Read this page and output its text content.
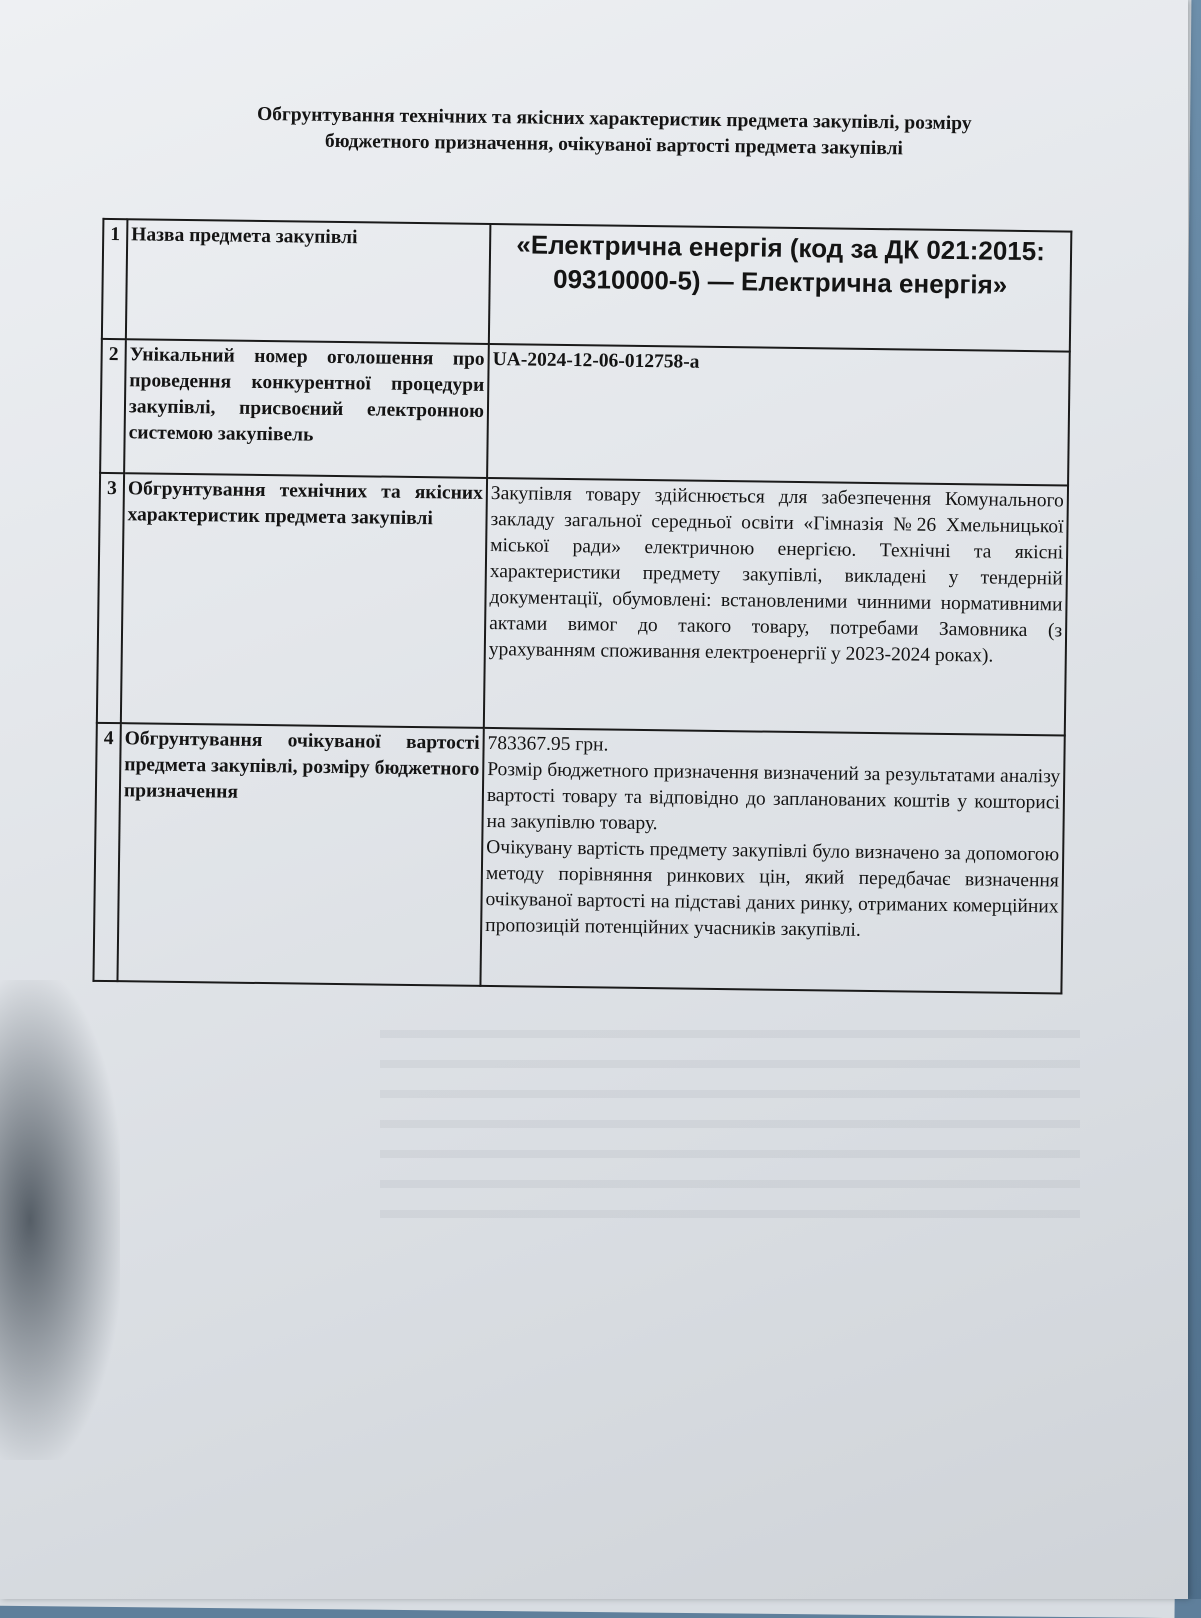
Обгрунтування технічних та якісних характеристик предмета закупівлі, розміру
бюджетного призначення, очікуваної вартості предмета закупівлі
1	Назва предмета закупівлі	«Електрична енергія (код за ДК 021:2015: 09310000-5) — Електрична енергія»
2	Унікальний номер оголошення про проведення конкурентної процедури закупівлі, присвоєний електронною системою закупівель	UA-2024-12-06-012758-a
3	Обгрунтування технічних та якісних характеристик предмета закупівлі	Закупівля товару здійснюється для забезпечення Комунального закладу загальної середньої освіти «Гімназія №26 Хмельницької міської ради» електричною енергією. Технічні та якісні характеристики предмету закупівлі, викладені у тендерній документації, обумовлені: встановленими чинними нормативними актами вимог до такого товару, потребами Замовника (з урахуванням споживання електроенергії у 2023-2024 роках).
4	Обгрунтування очікуваної вартості предмета закупівлі, розміру бюджетного призначення	783367.95 грн.

Розмір бюджетного призначення визначений за результатами аналізу вартості товару та відповідно до запланованих коштів у кошторисі на закупівлю товару.

Очікувану вартість предмету закупівлі було визначено за допомогою методу порівняння ринкових цін, який передбачає визначення очікуваної вартості на підставі даних ринку, отриманих комерційних пропозицій потенційних учасників закупівлі.
